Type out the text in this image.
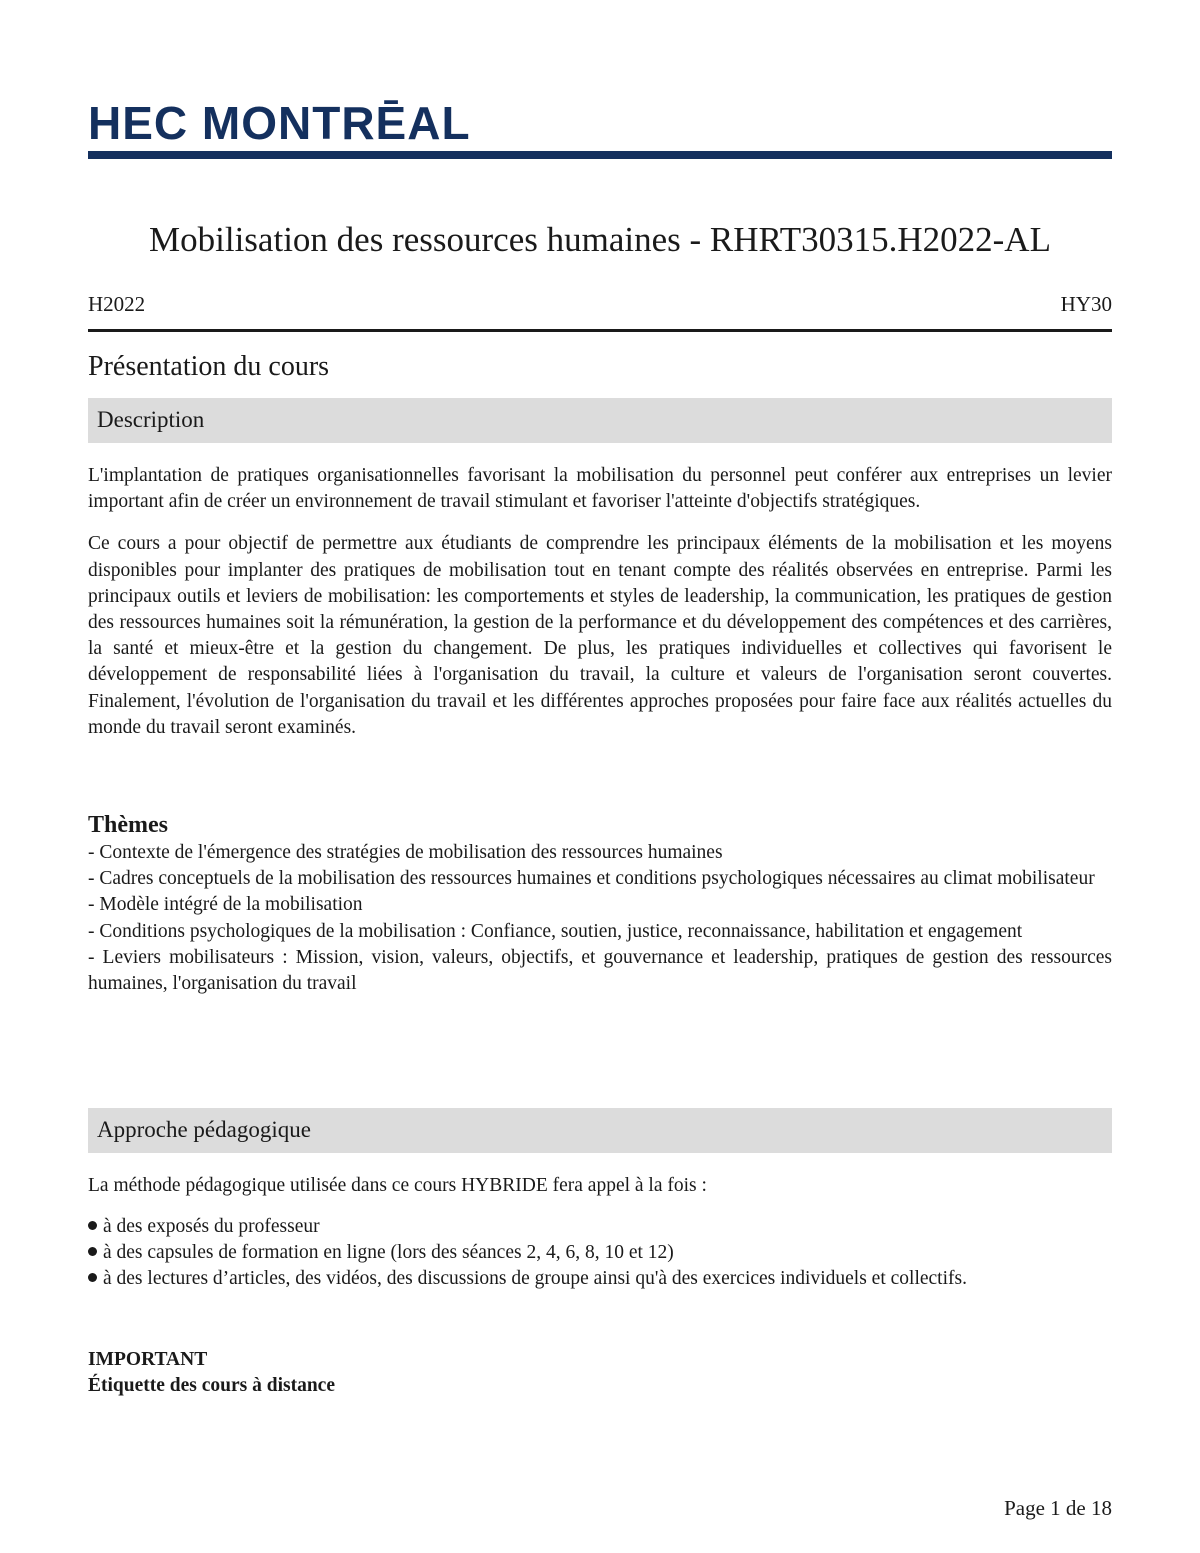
HEC MONTRĒAL
Mobilisation des ressources humaines - RHRT30315.H2022-AL
H2022	HY30
Présentation du cours
Description

L'implantation de pratiques organisationnelles favorisant la mobilisation du personnel peut conférer aux entreprises un levier important afin de créer un environnement de travail stimulant et favoriser l'atteinte d'objectifs stratégiques.

Ce cours a pour objectif de permettre aux étudiants de comprendre les principaux éléments de la mobilisation et les moyens disponibles pour implanter des pratiques de mobilisation tout en tenant compte des réalités observées en entreprise. Parmi les principaux outils et leviers de mobilisation: les comportements et styles de leadership, la communication, les pratiques de gestion des ressources humaines soit la rémunération, la gestion de la performance et du développement des compétences et des carrières, la santé et mieux-être et la gestion du changement. De plus, les pratiques individuelles et collectives qui favorisent le développement de responsabilité liées à l'organisation du travail, la culture et valeurs de l'organisation seront couvertes. Finalement, l'évolution de l'organisation du travail et les différentes approches proposées pour faire face aux réalités actuelles du monde du travail seront examinés.

Thèmes
- Contexte de l'émergence des stratégies de mobilisation des ressources humaines
- Cadres conceptuels de la mobilisation des ressources humaines et conditions psychologiques nécessaires au climat mobilisateur
- Modèle intégré de la mobilisation
- Conditions psychologiques de la mobilisation : Confiance, soutien, justice, reconnaissance, habilitation et engagement
- Leviers mobilisateurs : Mission, vision, valeurs, objectifs, et gouvernance et leadership, pratiques de gestion des ressources humaines, l'organisation du travail
Approche pédagogique
La méthode pédagogique utilisée dans ce cours HYBRIDE fera appel à la fois :
à des exposés du professeur
à des capsules de formation en ligne (lors des séances 2, 4, 6, 8, 10 et 12)
à des lectures d’articles, des vidéos, des discussions de groupe ainsi qu'à des exercices individuels et collectifs.
IMPORTANT
Étiquette des cours à distance
Page 1 de 18
